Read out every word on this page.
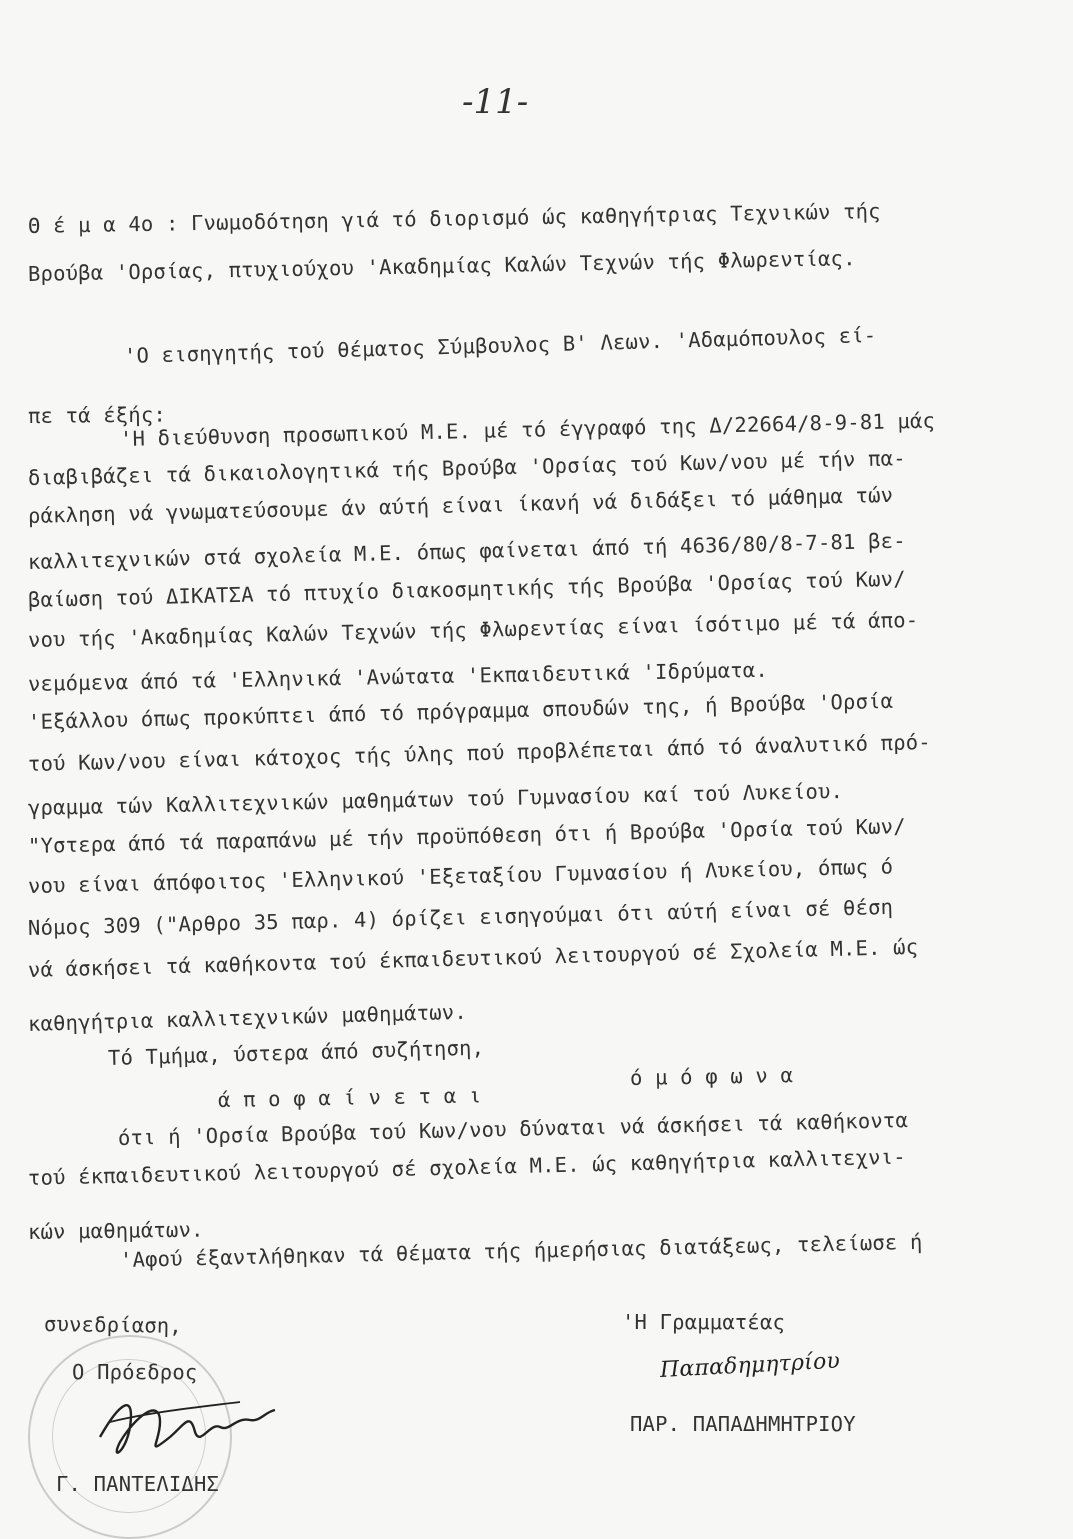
-11-
Θ έ μ α 4ο : Γνωμοδότηση γιά τό διορισμό ώς καθηγήτριας Τεχνικών τής
Βρούβα 'Ορσίας, πτυχιούχου 'Ακαδημίας Καλών Τεχνών τής Φλωρεντίας.
'Ο εισηγητής τού θέματος Σύμβουλος Β' Λεων. 'Αδαμόπουλος εί-
πε τά έξής:
'Η διεύθυνση προσωπικού Μ.Ε. μέ τό έγγραφό της Δ/22664/8-9-81 μάς
διαβιβάζει τά δικαιολογητικά τής Βρούβα 'Ορσίας τού Κων/νου μέ τήν πα-
ράκληση νά γνωματεύσουμε άν αύτή είναι ίκανή νά διδάξει τό μάθημα τών
καλλιτεχνικών στά σχολεία Μ.Ε. όπως φαίνεται άπό τή 4636/80/8-7-81 βε-
βαίωση τού ΔΙΚΑΤΣΑ τό πτυχίο διακοσμητικής τής Βρούβα 'Ορσίας τού Κων/
νου τής 'Ακαδημίας Καλών Τεχνών τής Φλωρεντίας είναι ίσότιμο μέ τά άπο-
νεμόμενα άπό τά 'Ελληνικά 'Ανώτατα 'Εκπαιδευτικά 'Ιδρύματα.
'Εξάλλου όπως προκύπτει άπό τό πρόγραμμα σπουδών της, ή Βρούβα 'Ορσία
τού Κων/νου είναι κάτοχος τής ύλης πού προβλέπεται άπό τό άναλυτικό πρό-
γραμμα τών Καλλιτεχνικών μαθημάτων τού Γυμνασίου καί τού Λυκείου.
"Υστερα άπό τά παραπάνω μέ τήν προϋπόθεση ότι ή Βρούβα 'Ορσία τού Κων/
νου είναι άπόφοιτος 'Ελληνικού 'Εξεταξίου Γυμνασίου ή Λυκείου, όπως ό
Νόμος 309 ("Αρθρο 35 παρ. 4) όρίζει εισηγούμαι ότι αύτή είναι σέ θέση
νά άσκήσει τά καθήκοντα τού έκπαιδευτικού λειτουργού σέ Σχολεία Μ.Ε. ώς
καθηγήτρια καλλιτεχνικών μαθημάτων.
Τό Τμήμα, ύστερα άπό συζήτηση,
ά π ο φ α ί ν ε τ α ι
ό μ ό φ ω ν α
ότι ή 'Ορσία Βρούβα τού Κων/νου δύναται νά άσκήσει τά καθήκοντα
τού έκπαιδευτικού λειτουργού σέ σχολεία Μ.Ε. ώς καθηγήτρια καλλιτεχνι-
κών μαθημάτων.
'Αφού έξαντλήθηκαν τά θέματα τής ήμερήσιας διατάξεως, τελείωσε ή
συνεδρίαση,
Ο Πρόεδρος
Γ. ΠΑΝΤΕΛΙΔΗΣ
'Η Γραμματέας
Παπαδημητρίου
ΠΑΡ. ΠΑΠΑΔΗΜΗΤΡΙΟΥ
